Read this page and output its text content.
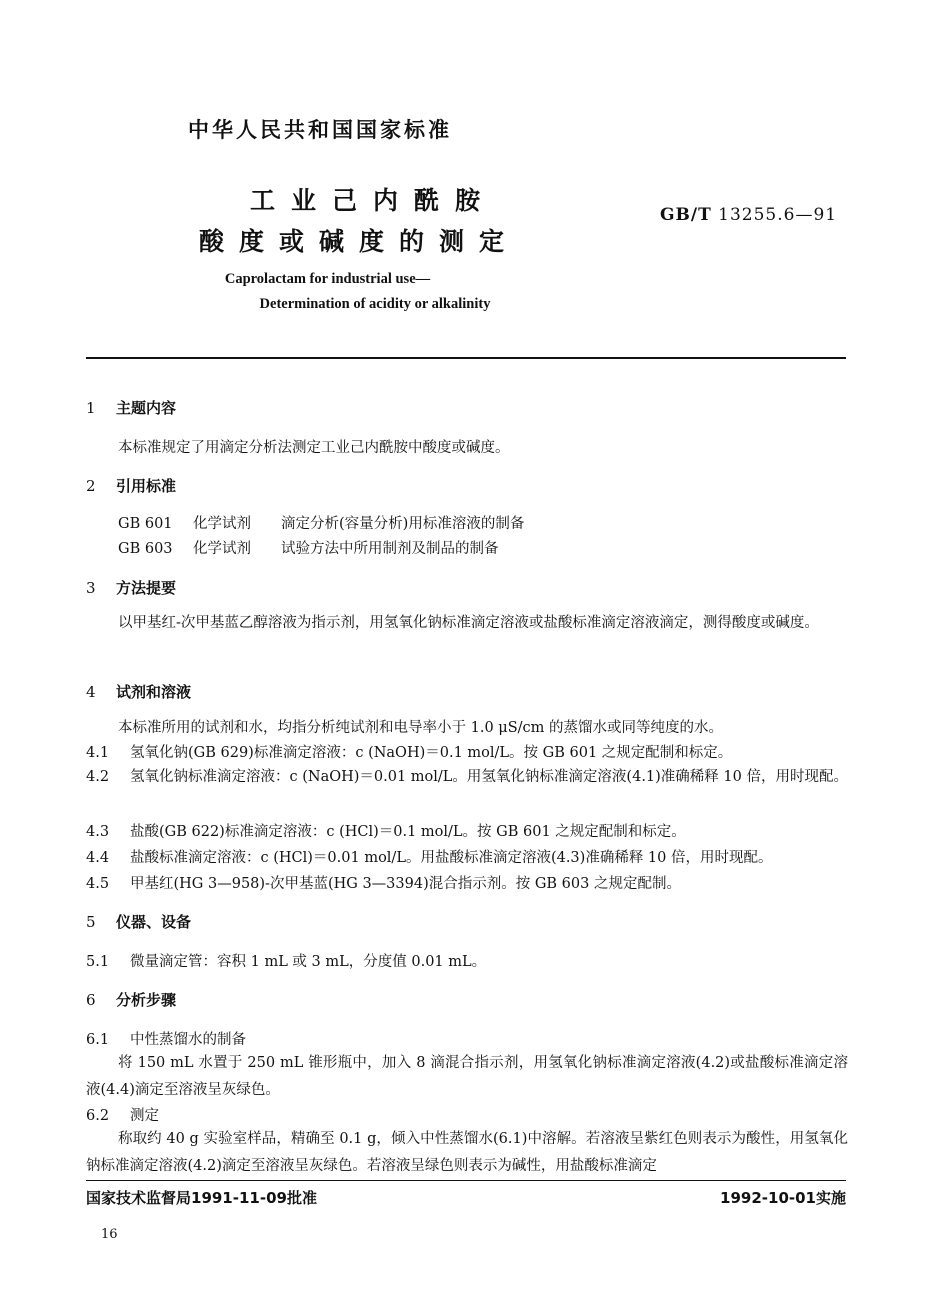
中华人民共和国国家标准
工业己内酰胺
酸度或碱度的测定
GB/T 13255.6—91
Caprolactam for industrial use—
Determination of acidity or alkalinity
1 主题内容
本标准规定了用滴定分析法测定工业己内酰胺中酸度或碱度。
2 引用标准
GB 601 化学试剂 滴定分析(容量分析)用标准溶液的制备
GB 603 化学试剂 试验方法中所用制剂及制品的制备
3 方法提要
以甲基红-次甲基蓝乙醇溶液为指示剂，用氢氧化钠标准滴定溶液或盐酸标准滴定溶液滴定，测得酸度或碱度。
4 试剂和溶液
本标准所用的试剂和水，均指分析纯试剂和电导率小于 1.0 μS/cm 的蒸馏水或同等纯度的水。
4.1 氢氧化钠(GB 629)标准滴定溶液：c (NaOH)＝0.1 mol/L。按 GB 601 之规定配制和标定。
4.2 氢氧化钠标准滴定溶液：c (NaOH)＝0.01 mol/L。用氢氧化钠标准滴定溶液(4.1)准确稀释 10 倍，用时现配。
4.3 盐酸(GB 622)标准滴定溶液：c (HCl)＝0.1 mol/L。按 GB 601 之规定配制和标定。
4.4 盐酸标准滴定溶液：c (HCl)＝0.01 mol/L。用盐酸标准滴定溶液(4.3)准确稀释 10 倍，用时现配。
4.5 甲基红(HG 3—958)-次甲基蓝(HG 3—3394)混合指示剂。按 GB 603 之规定配制。
5 仪器、设备
5.1 微量滴定管：容积 1 mL 或 3 mL，分度值 0.01 mL。
6 分析步骤
6.1 中性蒸馏水的制备
将 150 mL 水置于 250 mL 锥形瓶中，加入 8 滴混合指示剂，用氢氧化钠标准滴定溶液(4.2)或盐酸标准滴定溶液(4.4)滴定至溶液呈灰绿色。
6.2 测定
称取约 40 g 实验室样品，精确至 0.1 g，倾入中性蒸馏水(6.1)中溶解。若溶液呈紫红色则表示为酸性，用氢氧化钠标准滴定溶液(4.2)滴定至溶液呈灰绿色。若溶液呈绿色则表示为碱性，用盐酸标准滴定
国家技术监督局1991-11-09批准	1992-10-01实施
16
